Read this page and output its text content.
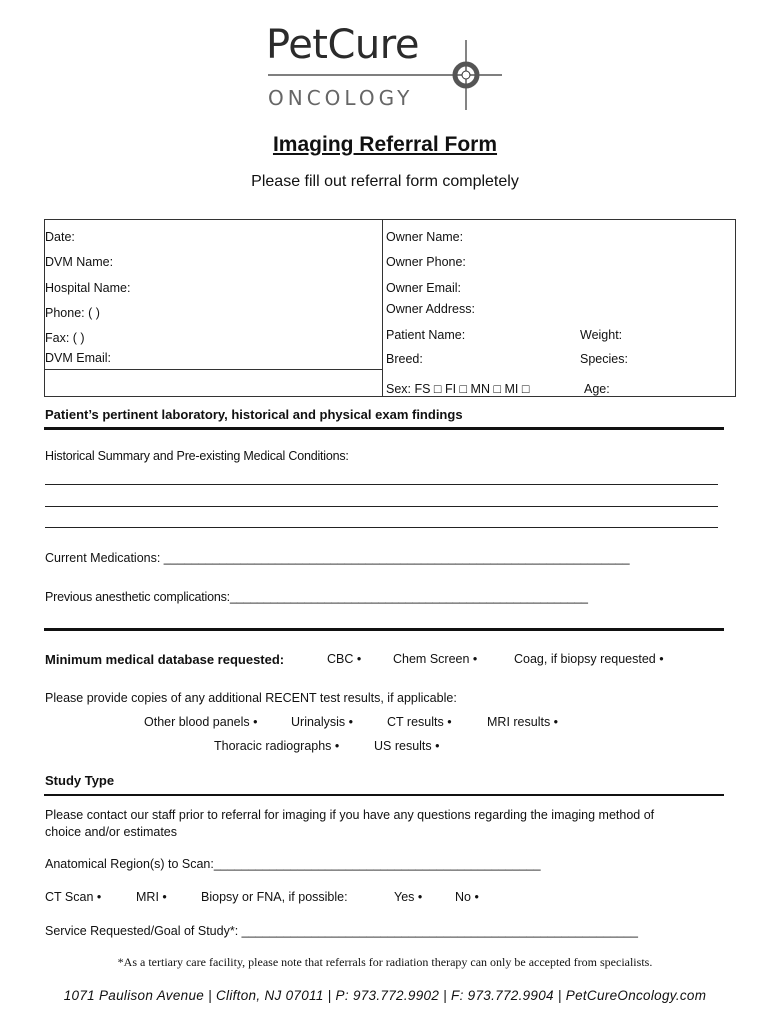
PetCure
ONCOLOGY
Imaging Referral Form
Please fill out referral form completely
Date:
DVM Name:
Hospital Name:
Phone: ( )
Fax: ( )
DVM Email:
Owner Name:
Owner Phone:
Owner Email:
Owner Address:
Patient Name:	Weight:
Breed:	Species:
Sex: FS □ FI □ MN □ MI □	Age:
Patient’s pertinent laboratory, historical and physical exam findings
Historical Summary and Pre-existing Medical Conditions:
Current Medications: ___________________________________________________________________
Previous anesthetic complications:_____________________________________________________
Minimum medical database requested:	CBC •	Chem Screen •	Coag, if biopsy requested •
Please provide copies of any additional RECENT test results, if applicable:
Other blood panels •	Urinalysis •	CT results •	MRI results •
Thoracic radiographs •	US results •
Study Type
Please contact our staff prior to referral for imaging if you have any questions regarding the imaging method of
choice and/or estimates
Anatomical Region(s) to Scan:_______________________________________________
CT Scan •	MRI •	Biopsy or FNA, if possible:	Yes •	No •
Service Requested/Goal of Study*: _________________________________________________________
*As a tertiary care facility, please note that referrals for radiation therapy can only be accepted from specialists.
1071 Paulison Avenue | Clifton, NJ 07011 | P: 973.772.9902 | F: 973.772.9904 | PetCureOncology.com
